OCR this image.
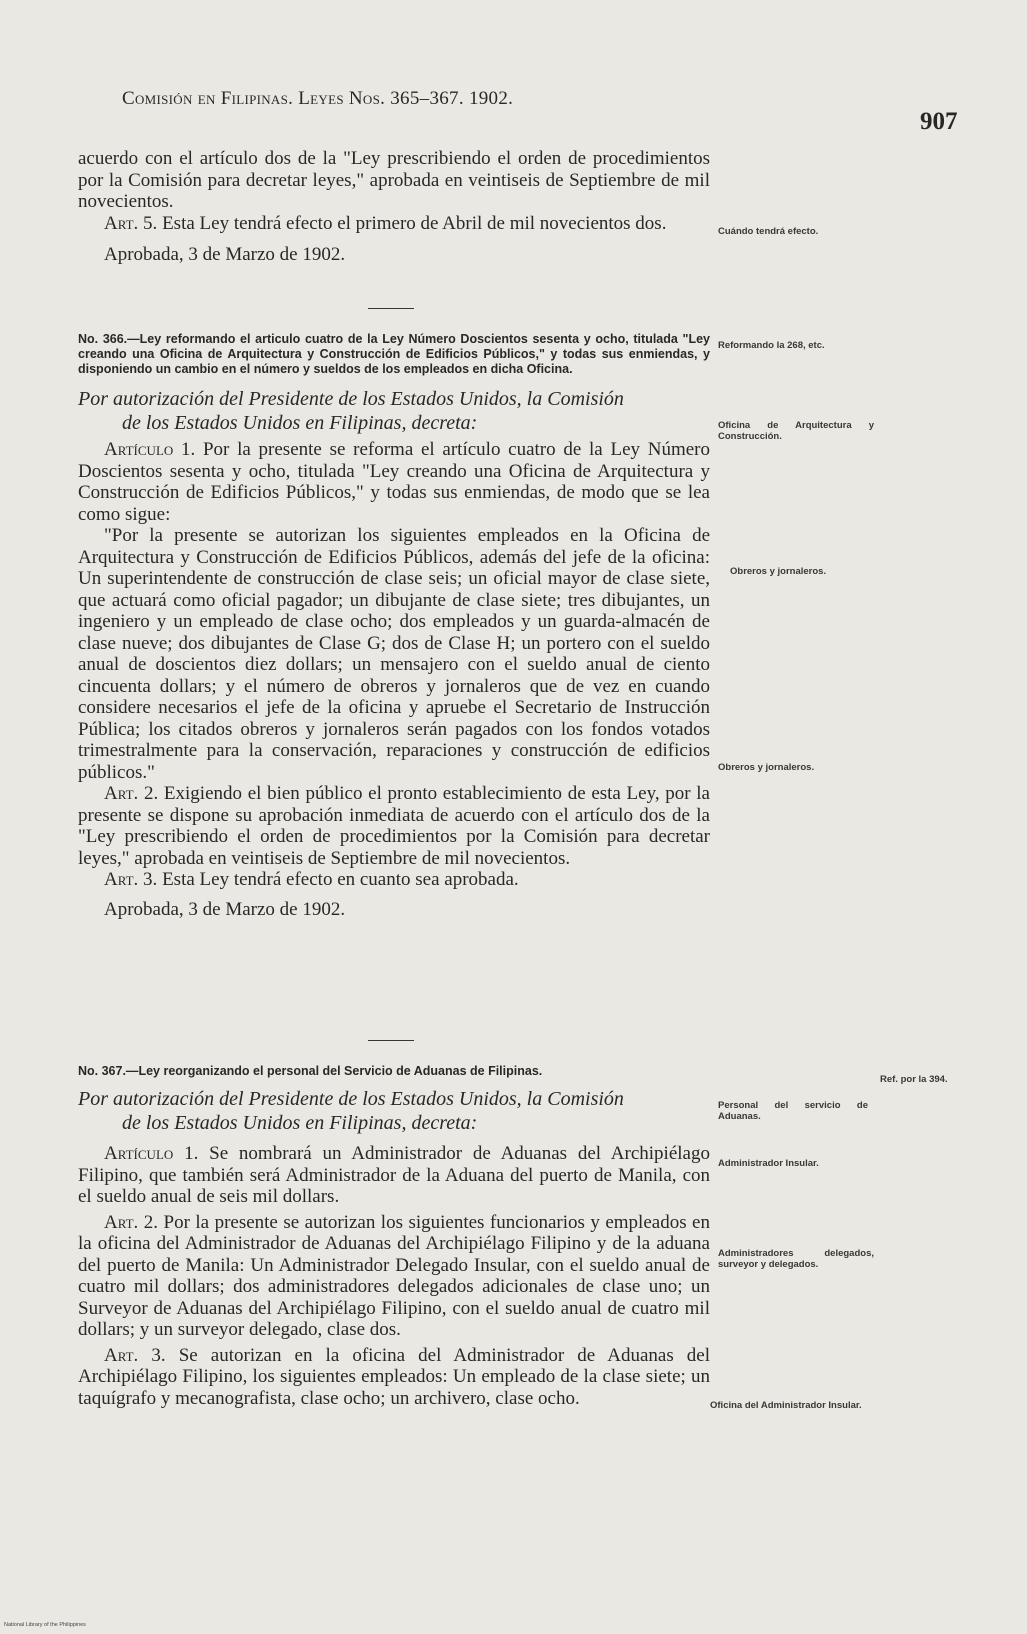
Comisión en Filipinas. Leyes Nos. 365–367. 1902.
907

acuerdo con el artículo dos de la "Ley prescribiendo el orden de procedimientos por la Comisión para decretar leyes," aprobada en veintiseis de Septiembre de mil novecientos.

Art. 5. Esta Ley tendrá efecto el primero de Abril de mil novecientos dos.

Aprobada, 3 de Marzo de 1902.

No. 366.—Ley reformando el articulo cuatro de la Ley Número Doscientos sesenta y ocho, titulada "Ley creando una Oficina de Arquitectura y Construcción de Edificios Públicos," y todas sus enmiendas, y disponiendo un cambio en el número y sueldos de los empleados en dicha Oficina.

Por autorización del Presidente de los Estados Unidos, la Comisión
de los Estados Unidos en Filipinas, decreta:

Artículo 1. Por la presente se reforma el artículo cuatro de la Ley Número Doscientos sesenta y ocho, titulada "Ley creando una Oficina de Arquitectura y Construcción de Edificios Públicos," y todas sus enmiendas, de modo que se lea como sigue:

"Por la presente se autorizan los siguientes empleados en la Oficina de Arquitectura y Construcción de Edificios Públicos, además del jefe de la oficina: Un superintendente de construcción de clase seis; un oficial mayor de clase siete, que actuará como oficial pagador; un dibujante de clase siete; tres dibujantes, un ingeniero y un empleado de clase ocho; dos empleados y un guarda-almacén de clase nueve; dos dibujantes de Clase G; dos de Clase H; un portero con el sueldo anual de doscientos diez dollars; un mensajero con el sueldo anual de ciento cincuenta dollars; y el número de obreros y jornaleros que de vez en cuando considere necesarios el jefe de la oficina y apruebe el Secretario de Instrucción Pública; los citados obreros y jornaleros serán pagados con los fondos votados trimestralmente para la conservación, reparaciones y construcción de edificios públicos."

Art. 2. Exigiendo el bien público el pronto establecimiento de esta Ley, por la presente se dispone su aprobación inmediata de acuerdo con el artículo dos de la "Ley prescribiendo el orden de procedimientos por la Comisión para decretar leyes," aprobada en veintiseis de Septiembre de mil novecientos.

Art. 3. Esta Ley tendrá efecto en cuanto sea aprobada.

Aprobada, 3 de Marzo de 1902.

No. 367.—Ley reorganizando el personal del Servicio de Aduanas de Filipinas.

Por autorización del Presidente de los Estados Unidos, la Comisión
de los Estados Unidos en Filipinas, decreta:

Artículo 1. Se nombrará un Administrador de Aduanas del Archipiélago Filipino, que también será Administrador de la Aduana del puerto de Manila, con el sueldo anual de seis mil dollars.

Art. 2. Por la presente se autorizan los siguientes funcionarios y empleados en la oficina del Administrador de Aduanas del Archipiélago Filipino y de la aduana del puerto de Manila: Un Administrador Delegado Insular, con el sueldo anual de cuatro mil dollars; dos administradores delegados adicionales de clase uno; un Surveyor de Aduanas del Archipiélago Filipino, con el sueldo anual de cuatro mil dollars; y un surveyor delegado, clase dos.

Art. 3. Se autorizan en la oficina del Administrador de Aduanas del Archipiélago Filipino, los siguientes empleados: Un empleado de la clase siete; un taquígrafo y mecanografista, clase ocho; un archivero, clase ocho.

Cuándo tendrá efecto.
Reformando la 268, etc.
Oficina de Arquitectura y Construcción.
Obreros y jornaleros.
Obreros y jornaleros.
Ref. por la 394.
Personal del servicio de Aduanas.
Administrador Insular.
Administradores delegados, surveyor y delegados.
Oficina del Administrador Insular.
National Library of the Philippines
